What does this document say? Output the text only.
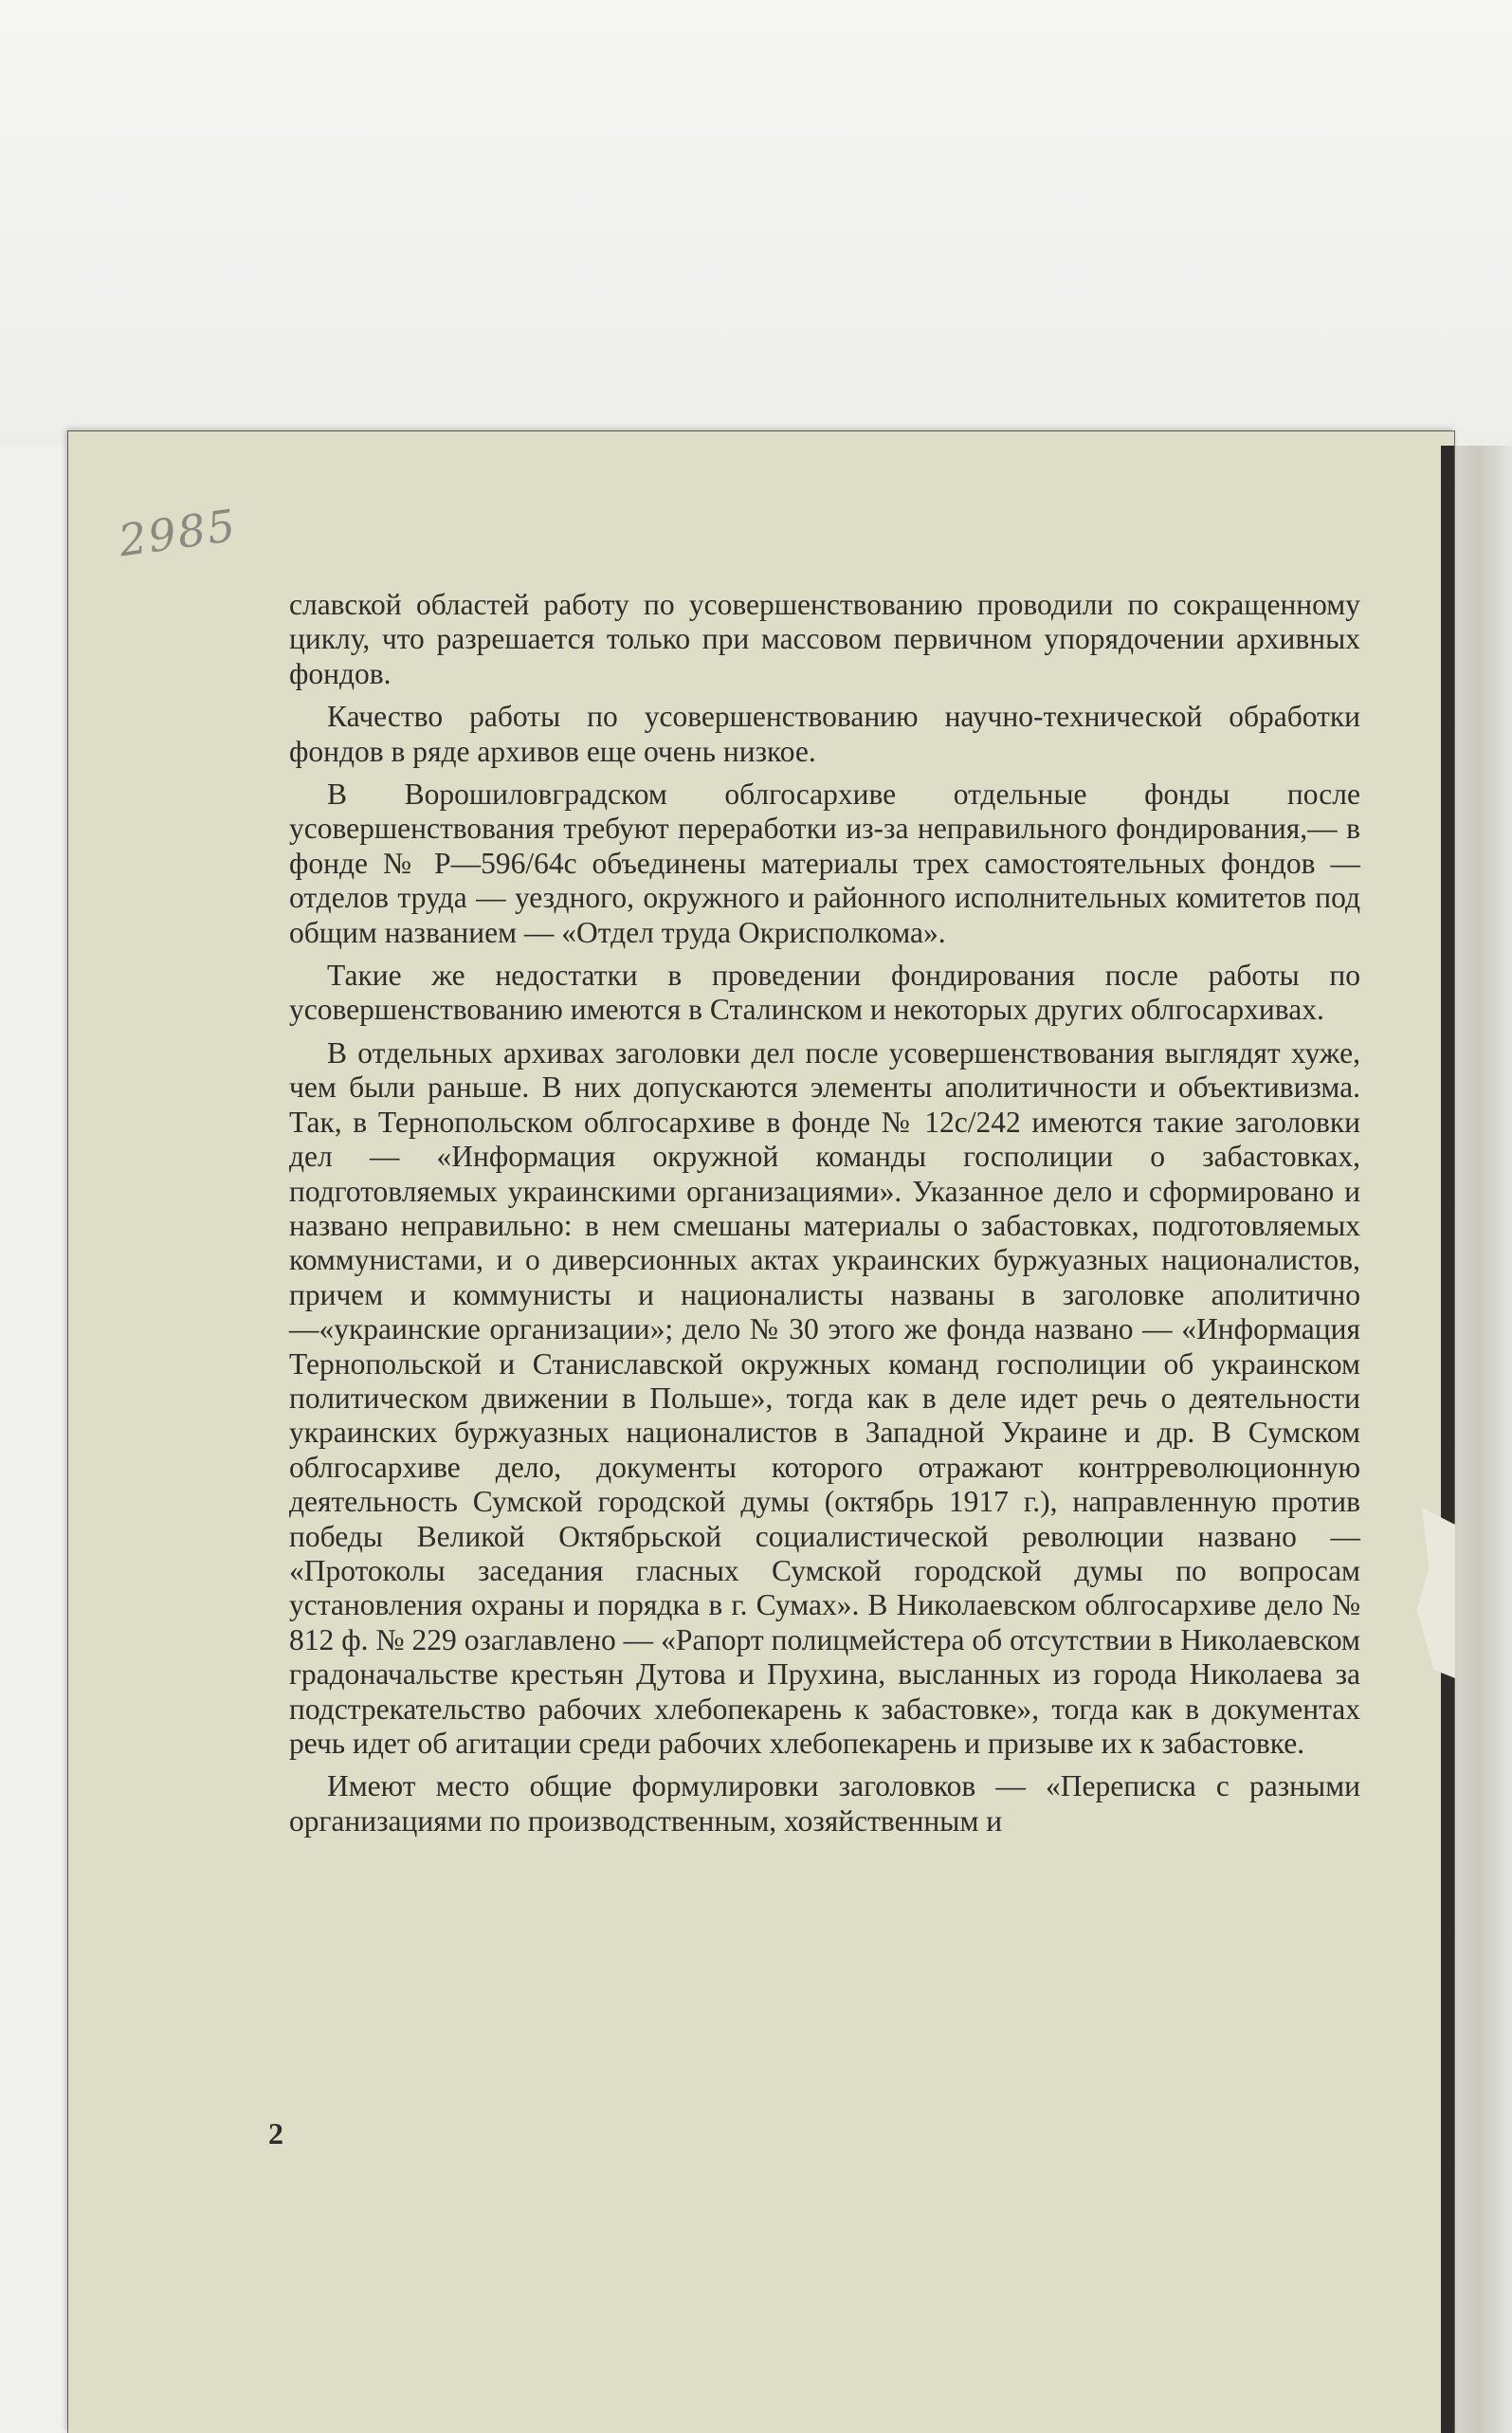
2985

славской областей работу по усовершенствованию проводили по сокращенному циклу, что разрешается только при массовом первичном упорядочении архивных фондов.

Качество работы по усовершенствованию научно-технической обработки фондов в ряде архивов еще очень низкое.

В Ворошиловградском облгосархиве отдельные фонды после усовершенствования требуют переработки из-за неправильного фондирования,— в фонде № Р—596/64с объединены материалы трех самостоятельных фондов — отделов труда — уездного, окружного и районного исполнительных комитетов под общим названием — «Отдел труда Окрисполкома».

Такие же недостатки в проведении фондирования после работы по усовершенствованию имеются в Сталинском и некоторых других облгосархивах.

В отдельных архивах заголовки дел после усовершенствования выглядят хуже, чем были раньше. В них допускаются элементы аполитичности и объективизма. Так, в Тернопольском облгосархиве в фонде № 12с/242 имеются такие заголовки дел — «Информация окружной команды госполиции о забастовках, подготовляемых украинскими организациями». Указанное дело и сформировано и названо неправильно: в нем смешаны материалы о забастовках, подготовляемых коммунистами, и о диверсионных актах украинских буржуазных националистов, причем и коммунисты и националисты названы в заголовке аполитично—«украинские организации»; дело № 30 этого же фонда названо — «Информация Тернопольской и Станиславской окружных команд госполиции об украинском политическом движении в Польше», тогда как в деле идет речь о деятельности украинских буржуазных националистов в Западной Украине и др. В Сумском облгосархиве дело, документы которого отражают контрреволюционную деятельность Сумской городской думы (октябрь 1917 г.), направленную против победы Великой Октябрьской социалистической революции названо — «Протоколы заседания гласных Сумской городской думы по вопросам установления охраны и порядка в г. Сумах». В Николаевском облгосархиве дело № 812 ф. № 229 озаглавлено — «Рапорт полицмейстера об отсутствии в Николаевском градоначальстве крестьян Дутова и Прухина, высланных из города Николаева за подстрекательство рабочих хлебопекарень к забастовке», тогда как в документах речь идет об агитации среди рабочих хлебопекарень и призыве их к забастовке.

Имеют место общие формулировки заголовков — «Переписка с разными организациями по производственным, хозяйственным и

2
